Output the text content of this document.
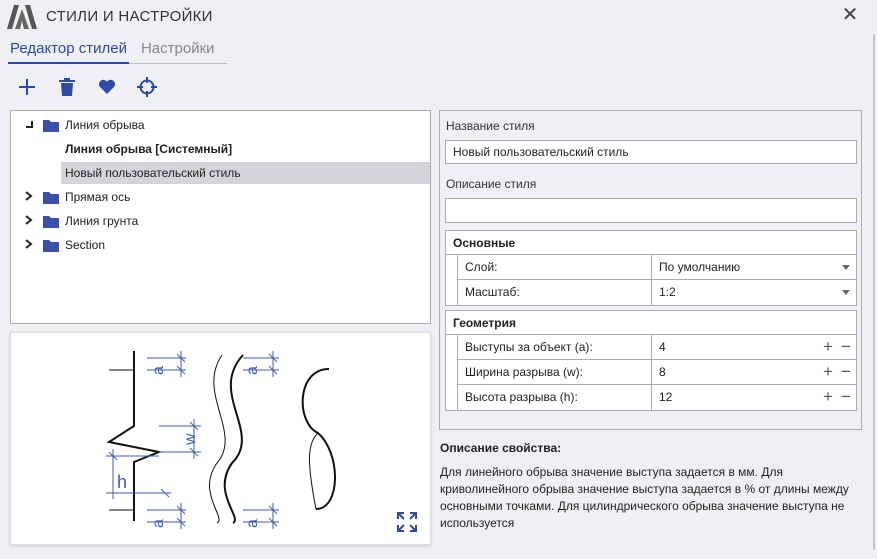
СТИЛИ И НАСТРОЙКИ	✕
Редактор стилей Настройки
Линия обрыва
Линия обрыва [Системный]
Новый пользовательский стиль
Прямая ось
Линия грунта
Section
a
a
a
a
w
h
Название стиля
Новый пользовательский стиль
Описание стиля
Основные
Слой:	По умолчанию
Масштаб:	1:2
Геометрия
Выступы за объект (a):	4	+ −
Ширина разрыва (w):	8	+ −
Высота разрыва (h):	12	+ −
Описание свойства:
Для линейного обрыва значение выступа задается в мм. Для криволинейного обрыва значение выступа задается в % от длины между основными точками. Для цилиндрического обрыва значение выступа не используется
